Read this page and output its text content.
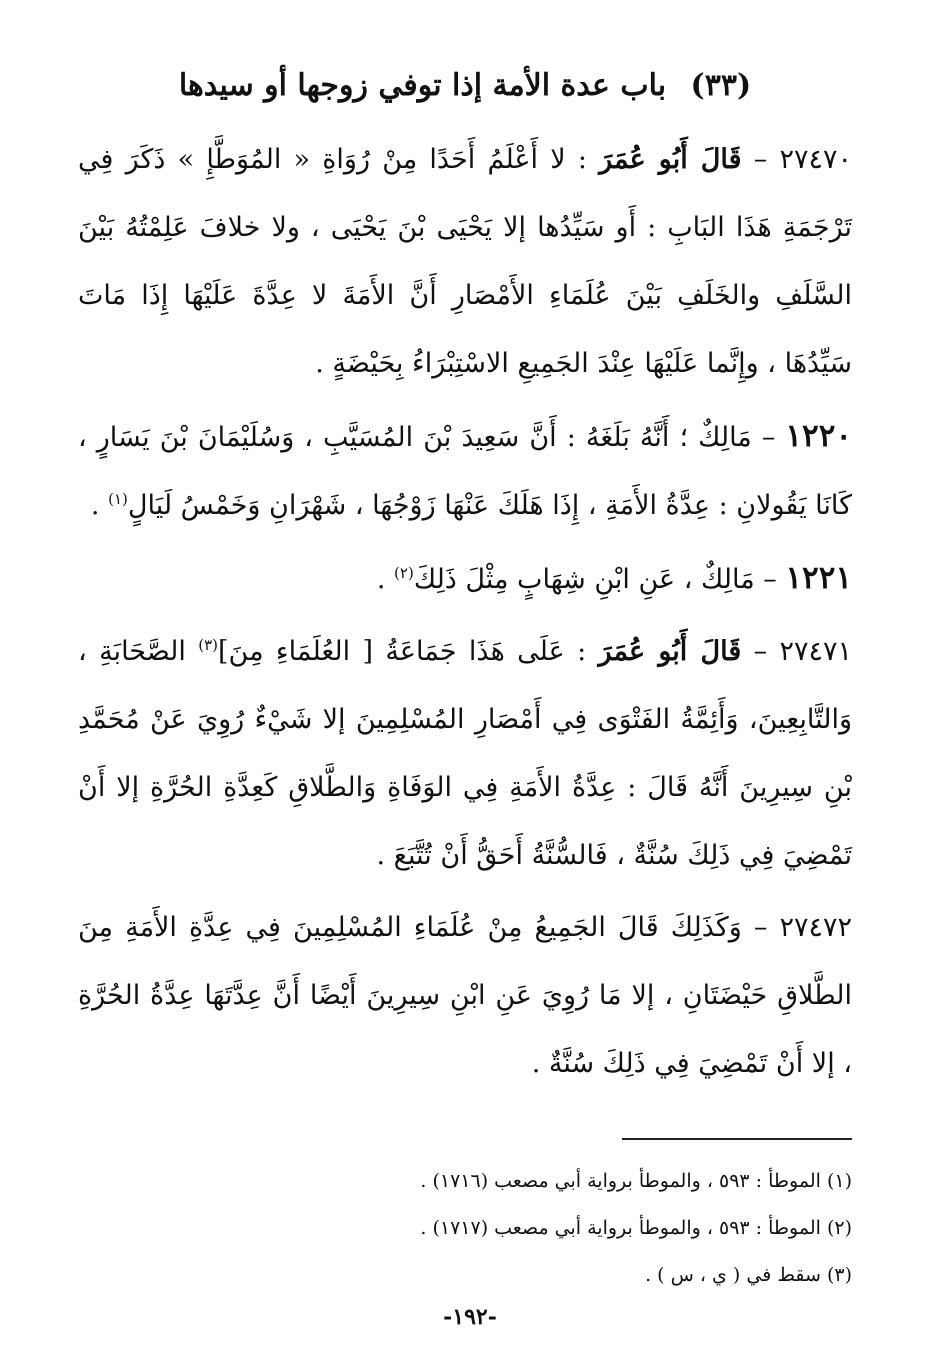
(٣٣) باب عدة الأمة إذا توفي زوجها أو سيدها

٢٧٤٧٠ – قَالَ أَبُو عُمَرَ : لا أَعْلَمُ أَحَدًا مِنْ رُوَاةِ « المُوَطَّإِ » ذَكَرَ فِي تَرْجَمَةِ هَذَا البَابِ : أَو سَيِّدُها إلا يَحْيَى بْنَ يَحْيَى ، ولا خلافَ عَلِمْتُهُ بَيْنَ السَّلَفِ والخَلَفِ بَيْنَ عُلَمَاءِ الأَمْصَارِ أَنَّ الأَمَةَ لا عِدَّةَ عَلَيْهَا إِذَا مَاتَ سَيِّدُهَا ، وإِنَّما عَلَيْهَا عِنْدَ الجَمِيعِ الاسْتِبْرَاءُ بِحَيْضَةٍ .

١٢٢٠ – مَالِكٌ ؛ أَنَّهُ بَلَغَهُ : أَنَّ سَعِيدَ بْنَ المُسَيَّبِ ، وَسُلَيْمَانَ بْنَ يَسَارٍ ، كَانَا يَقُولانِ : عِدَّةُ الأَمَةِ ، إِذَا هَلَكَ عَنْهَا زَوْجُهَا ، شَهْرَانِ وَخَمْسُ لَيَالٍ$^{(١)}$ .

١٢٢١ – مَالِكٌ ، عَنِ ابْنِ شِهَابٍ مِثْلَ ذَلِكَ$^{(٢)}$ .

٢٧٤٧١ – قَالَ أَبُو عُمَرَ : عَلَى هَذَا جَمَاعَةُ [ العُلَمَاءِ مِنَ]$^{(٣)}$ الصَّحَابَةِ ، وَالتَّابِعِينَ، وَأَئِمَّةُ الفَتْوَى فِي أَمْصَارِ المُسْلِمِينَ إلا شَيْءٌ رُوِيَ عَنْ مُحَمَّدِ بْنِ سِيرِينَ أَنَّهُ قَالَ : عِدَّةُ الأَمَةِ فِي الوَفَاةِ وَالطَّلاقِ كَعِدَّةِ الحُرَّةِ إلا أَنْ تَمْضِيَ فِي ذَلِكَ سُنَّةٌ ، فَالسُّنَّةُ أَحَقُّ أَنْ تُتَّبَعَ .

٢٧٤٧٢ – وَكَذَلِكَ قَالَ الجَمِيعُ مِنْ عُلَمَاءِ المُسْلِمِينَ فِي عِدَّةِ الأَمَةِ مِنَ الطَّلاقِ حَيْضَتَانِ ، إلا مَا رُوِيَ عَنِ ابْنِ سِيرِينَ أَيْضًا أَنَّ عِدَّتَهَا عِدَّةُ الحُرَّةِ ، إلا أَنْ تَمْضِيَ فِي ذَلِكَ سُنَّةٌ .

(١) الموطأ : ٥٩٣ ، والموطأ برواية أبي مصعب (١٧١٦) .

(٢) الموطأ : ٥٩٣ ، والموطأ برواية أبي مصعب (١٧١٧) .

(٣) سقط في ( ي ، س ) .

-١٩٢-
